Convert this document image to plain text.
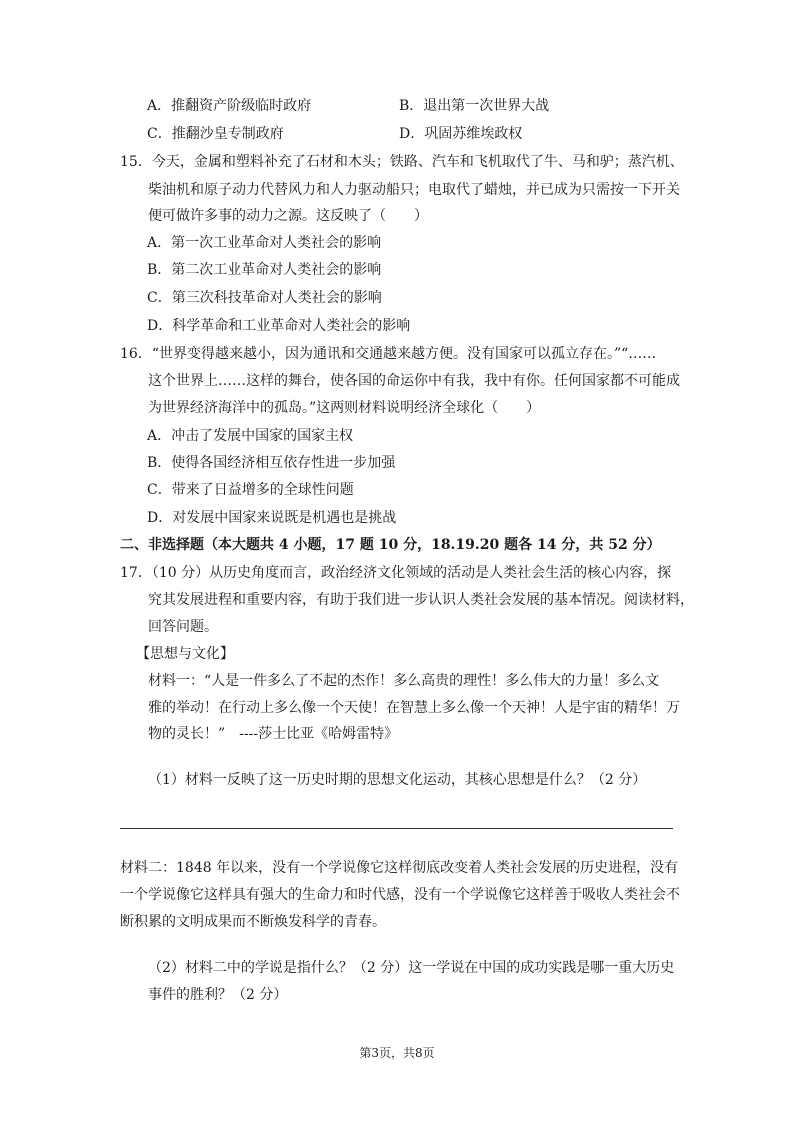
A．推翻资产阶级临时政府	B．退出第一次世界大战
C．推翻沙皇专制政府	D．巩固苏维埃政权
15．今天，金属和塑料补充了石材和木头；铁路、汽车和飞机取代了牛、马和驴；蒸汽机、
柴油机和原子动力代替风力和人力驱动船只；电取代了蜡烛，并已成为只需按一下开关
便可做许多事的动力之源。这反映了（　　）
A．第一次工业革命对人类社会的影响
B．第二次工业革命对人类社会的影响
C．第三次科技革命对人类社会的影响
D．科学革命和工业革命对人类社会的影响
16．“世界变得越来越小，因为通讯和交通越来越方便。没有国家可以孤立存在。”“……
这个世界上……这样的舞台，使各国的命运你中有我，我中有你。任何国家都不可能成
为世界经济海洋中的孤岛。”这两则材料说明经济全球化（　　）
A．冲击了发展中国家的国家主权
B．使得各国经济相互依存性进一步加强
C．带来了日益增多的全球性问题
D．对发展中国家来说既是机遇也是挑战
二、非选择题（本大题共 4 小题，17 题 10 分，18.19.20 题各 14 分，共 52 分）
17．（10 分）从历史角度而言，政治经济文化领域的活动是人类社会生活的核心内容，探
究其发展进程和重要内容，有助于我们进一步认识人类社会发展的基本情况。阅读材料，
回答问题。
【思想与文化】
材料一：“人是一件多么了不起的杰作！多么高贵的理性！多么伟大的力量！多么文
雅的举动！在行动上多么像一个天使！在智慧上多么像一个天神！人是宇宙的精华！万
物的灵长！”　----莎士比亚《哈姆雷特》
（1）材料一反映了这一历史时期的思想文化运动，其核心思想是什么？（2 分）
材料二：1848 年以来，没有一个学说像它这样彻底改变着人类社会发展的历史进程，没有
一个学说像它这样具有强大的生命力和时代感，没有一个学说像它这样善于吸收人类社会不
断积累的文明成果而不断焕发科学的青春。
（2）材料二中的学说是指什么？（2 分）这一学说在中国的成功实践是哪一重大历史
事件的胜利？（2 分）
第3页，共8页
